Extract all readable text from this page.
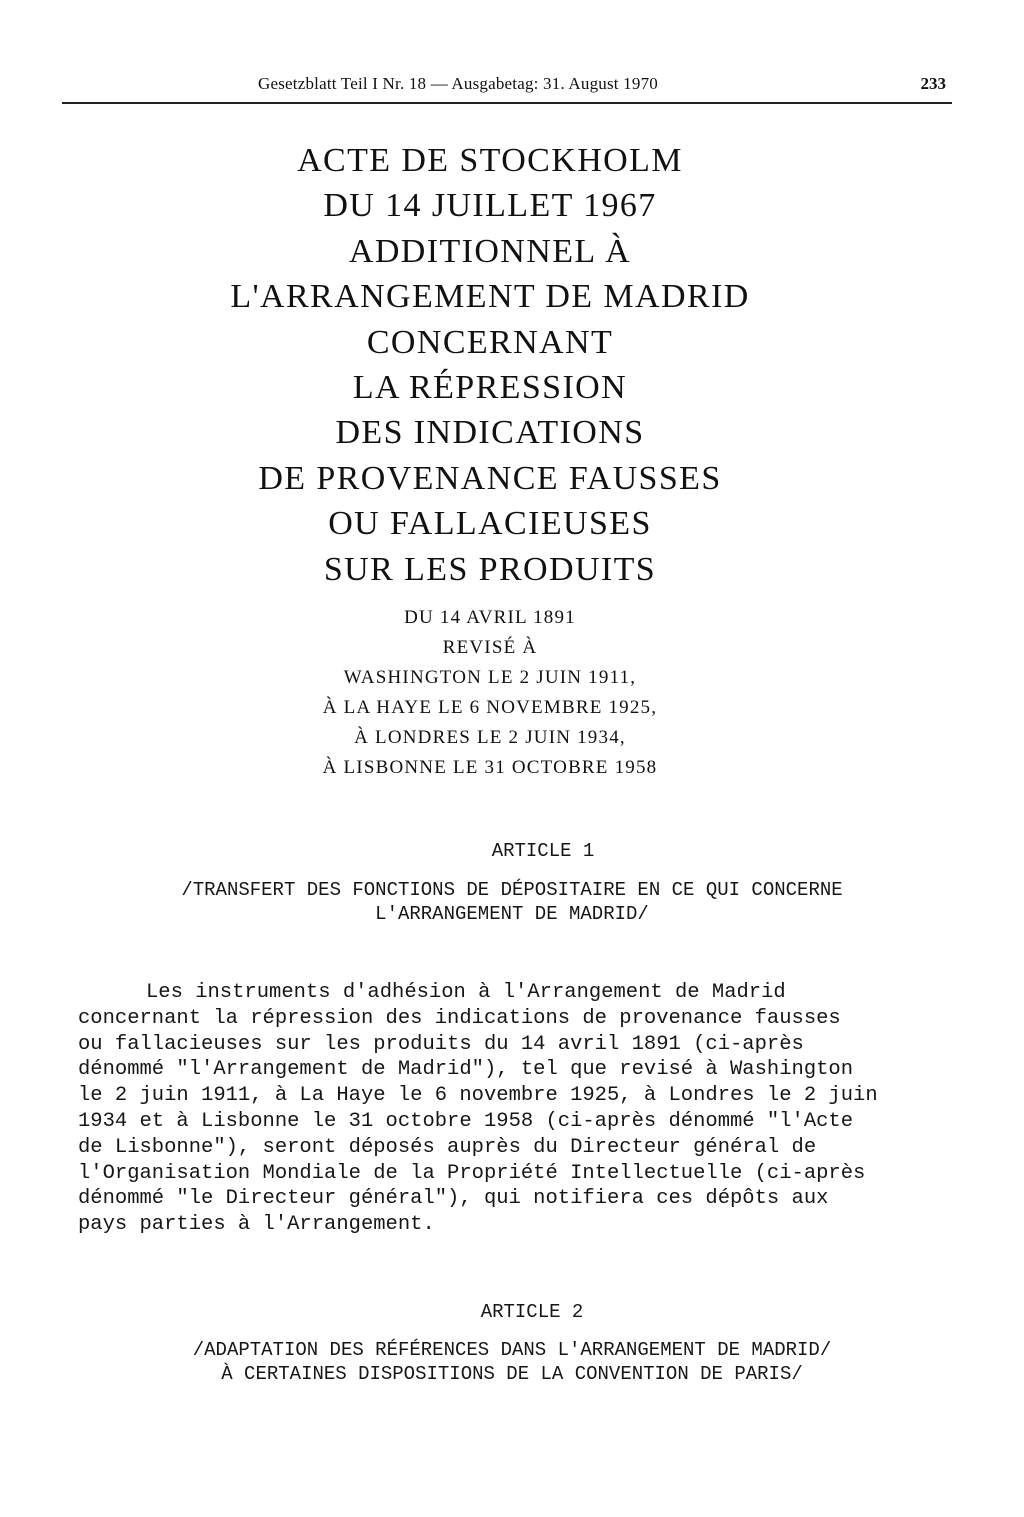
Gesetzblatt Teil I Nr. 18 — Ausgabetag: 31. August 1970	233
ACTE DE STOCKHOLM
DU 14 JUILLET 1967
ADDITIONNEL À
L'ARRANGEMENT DE MADRID
CONCERNANT
LA RÉPRESSION
DES INDICATIONS
DE PROVENANCE FAUSSES
OU FALLACIEUSES
SUR LES PRODUITS
DU 14 AVRIL 1891
REVISÉ À
WASHINGTON LE 2 JUIN 1911,
À LA HAYE LE 6 NOVEMBRE 1925,
À LONDRES LE 2 JUIN 1934,
À LISBONNE LE 31 OCTOBRE 1958
ARTICLE 1
/TRANSFERT DES FONCTIONS DE DÉPOSITAIRE EN CE QUI CONCERNE
L'ARRANGEMENT DE MADRID/
Les instruments d'adhésion à l'Arrangement de Madrid
concernant la répression des indications de provenance fausses
ou fallacieuses sur les produits du 14 avril 1891 (ci-après
dénommé "l'Arrangement de Madrid"), tel que revisé à Washington
le 2 juin 1911, à La Haye le 6 novembre 1925, à Londres le 2 juin
1934 et à Lisbonne le 31 octobre 1958 (ci-après dénommé "l'Acte
de Lisbonne"), seront déposés auprès du Directeur général de
l'Organisation Mondiale de la Propriété Intellectuelle (ci-après
dénommé "le Directeur général"), qui notifiera ces dépôts aux
pays parties à l'Arrangement.
ARTICLE 2
/ADAPTATION DES RÉFÉRENCES DANS L'ARRANGEMENT DE MADRID/
À CERTAINES DISPOSITIONS DE LA CONVENTION DE PARIS/
